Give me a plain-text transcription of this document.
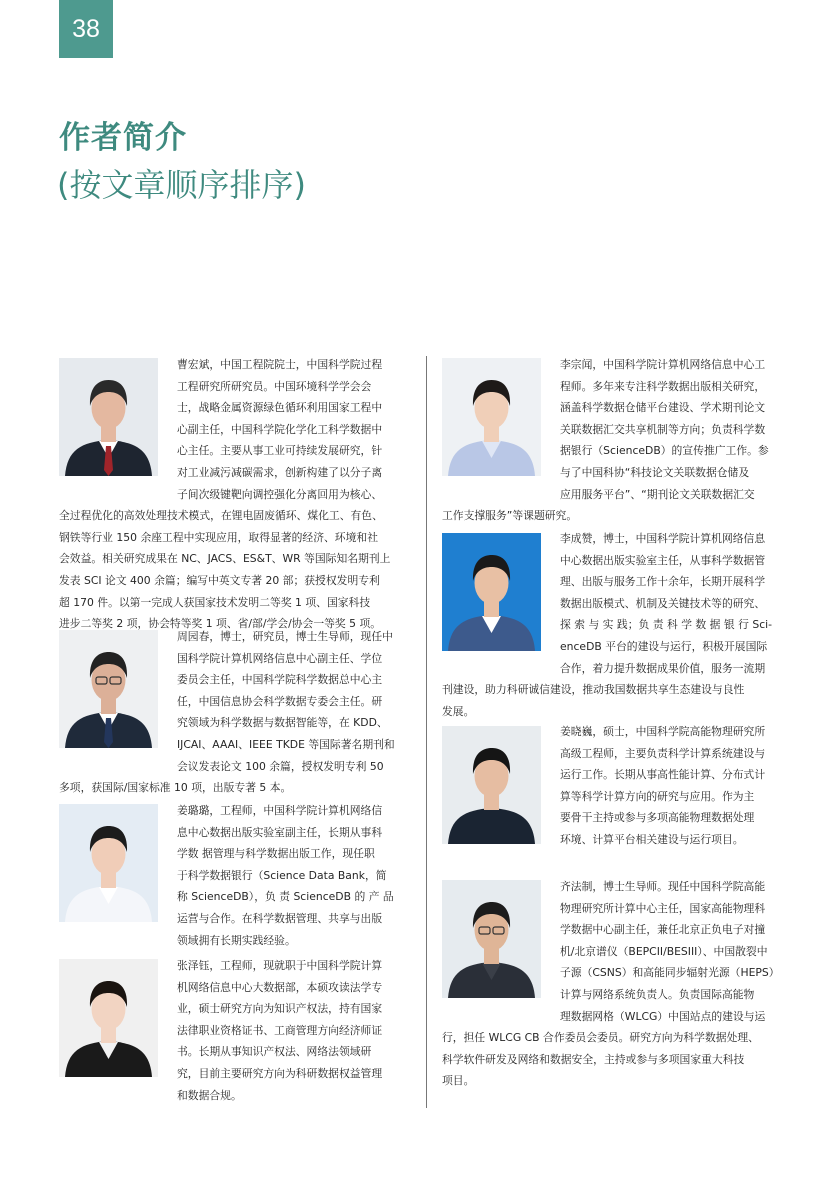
38
作者简介
(按文章顺序排序)
曹宏斌，中国工程院院士，中国科学院过程
工程研究所研究员。中国环境科学学会会
士，战略金属资源绿色循环利用国家工程中
心副主任，中国科学院化学化工科学数据中
心主任。主要从事工业可持续发展研究，针
对工业减污减碳需求，创新构建了以分子离
子间次级键靶向调控强化分离回用为核心、
全过程优化的高效处理技术模式，在锂电固废循环、煤化工、有色、
钢铁等行业 150 余座工程中实现应用，取得显著的经济、环境和社
会效益。相关研究成果在 NC、JACS、ES&T、WR 等国际知名期刊上
发表 SCI 论文 400 余篇；编写中英文专著 20 部；获授权发明专利
超 170 件。以第一完成人获国家技术发明二等奖 1 项、国家科技
进步二等奖 2 项，协会特等奖 1 项、省/部/学会/协会一等奖 5 项。
周园春，博士，研究员，博士生导师，现任中
国科学院计算机网络信息中心副主任、学位
委员会主任，中国科学院科学数据总中心主
任，中国信息协会科学数据专委会主任。研
究领域为科学数据与数据智能等，在 KDD、
IJCAI、AAAI、IEEE TKDE 等国际著名期刊和
会议发表论文 100 余篇，授权发明专利 50
多项，获国际/国家标准 10 项，出版专著 5 本。
姜璐璐，工程师，中国科学院计算机网络信
息中心数据出版实验室副主任，长期从事科
学数 据管理与科学数据出版工作，现任职
于科学数据银行（Science Data Bank，简
称 ScienceDB），负 责 ScienceDB 的 产 品
运营与合作。在科学数据管理、共享与出版
领域拥有长期实践经验。
张泽钰，工程师，现就职于中国科学院计算
机网络信息中心大数据部，本硕攻读法学专
业，硕士研究方向为知识产权法，持有国家
法律职业资格证书、工商管理方向经济师证
书。长期从事知识产权法、网络法领域研
究，目前主要研究方向为科研数据权益管理
和数据合规。
李宗闻，中国科学院计算机网络信息中心工
程师。多年来专注科学数据出版相关研究，
涵盖科学数据仓储平台建设、学术期刊论文
关联数据汇交共享机制等方向；负责科学数
据银行（ScienceDB）的宣传推广工作。参
与了中国科协“科技论文关联数据仓储及
应用服务平台”、“期刊论文关联数据汇交
工作支撑服务”等课题研究。
李成赞，博士，中国科学院计算机网络信息
中心数据出版实验室主任，从事科学数据管
理、出版与服务工作十余年，长期开展科学
数据出版模式、机制及关键技术等的研究、
探 索 与 实 践；负 责 科 学 数 据 银 行 Sci-
enceDB 平台的建设与运行，积极开展国际
合作，着力提升数据成果价值，服务一流期
刊建设，助力科研诚信建设，推动我国数据共享生态建设与良性
发展。
姜晓巍，硕士，中国科学院高能物理研究所
高级工程师，主要负责科学计算系统建设与
运行工作。长期从事高性能计算、分布式计
算等科学计算方向的研究与应用。作为主
要骨干主持或参与多项高能物理数据处理
环境、计算平台相关建设与运行项目。
齐法制，博士生导师。现任中国科学院高能
物理研究所计算中心主任，国家高能物理科
学数据中心副主任，兼任北京正负电子对撞
机/北京谱仪（BEPCII/BESIII）、中国散裂中
子源（CSNS）和高能同步辐射光源（HEPS）
计算与网络系统负责人。负责国际高能物
理数据网格（WLCG）中国站点的建设与运
行，担任 WLCG CB 合作委员会委员。研究方向为科学数据处理、
科学软件研发及网络和数据安全，主持或参与多项国家重大科技
项目。
